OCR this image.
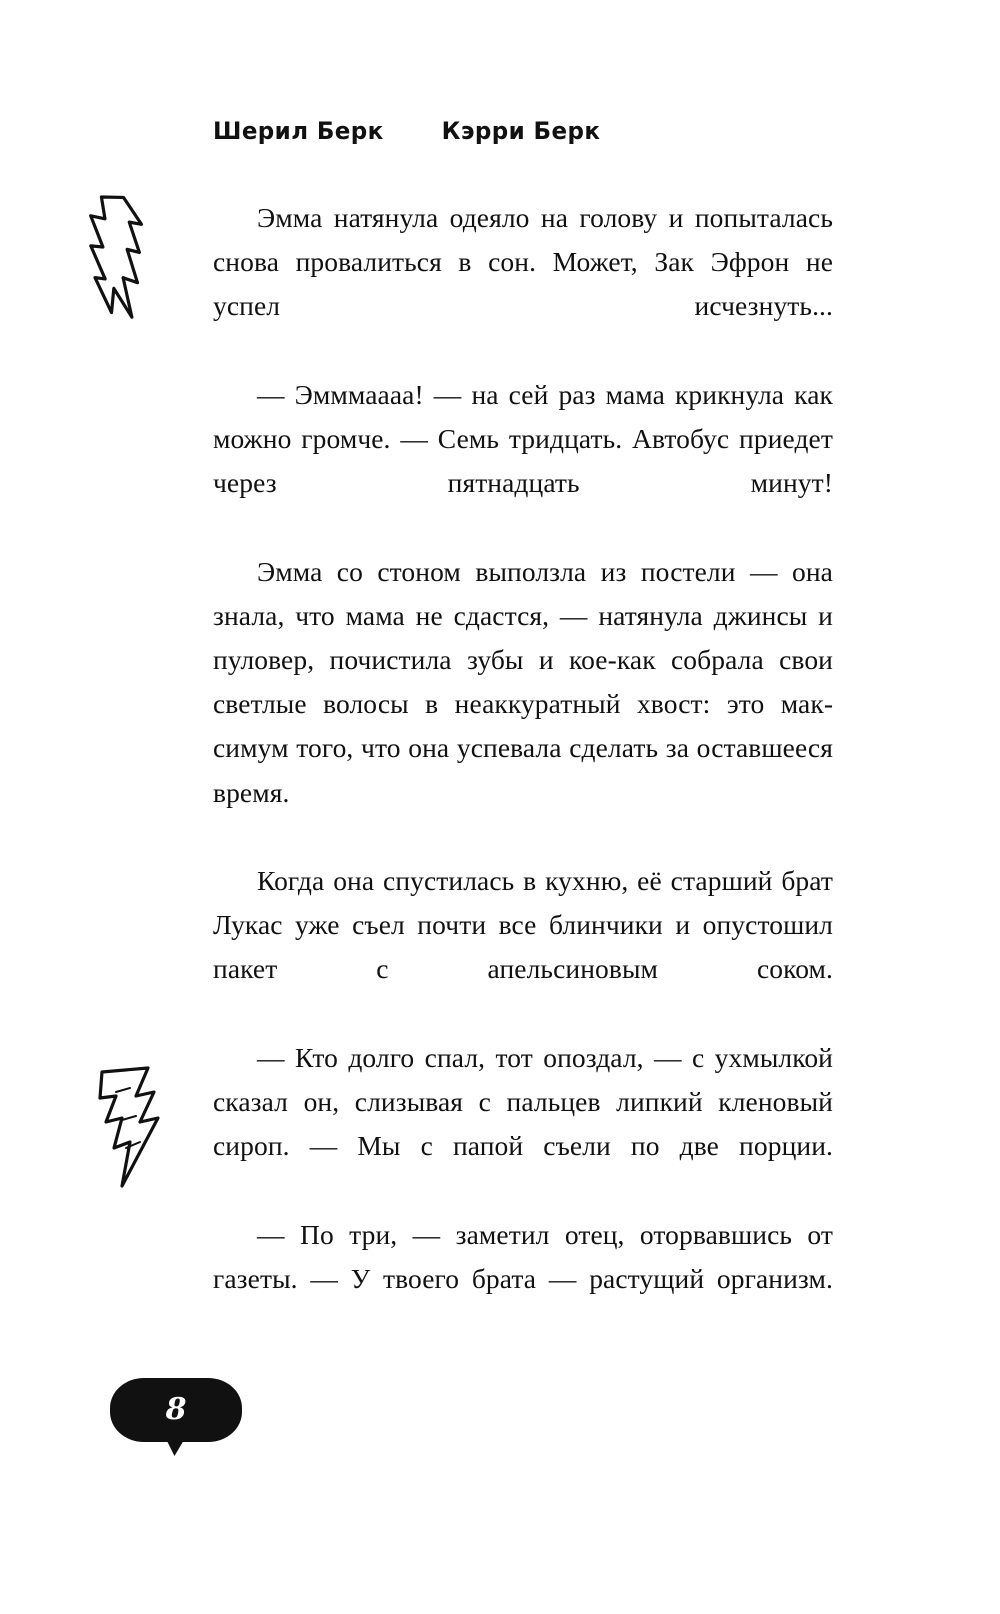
Шерил Берк	Кэрри Берк

Эмма натянула одеяло на голову и попыталась снова провалиться в сон. Может, Зак Эфрон не успел исчезнуть...

— Эмммаааа! — на сей раз мама крикнула как можно громче. — Семь тридцать. Автобус приедет через пятнадцать минут!

Эмма со стоном выползла из постели — она знала, что мама не сдастся, — натянула джинсы и пуловер, почистила зубы и кое-как собрала свои светлые волосы в неаккуратный хвост: это максимум того, что она успевала сделать за оставшееся время.

Когда она спустилась в кухню, её старший брат Лукас уже съел почти все блинчики и опустошил пакет с апельсиновым соком.

— Кто долго спал, тот опоздал, — с ухмылкой сказал он, слизывая с пальцев липкий кленовый сироп. — Мы с папой съели по две порции.

— По три, — заметил отец, оторвавшись от газеты. — У твоего брата — растущий организм.

8
